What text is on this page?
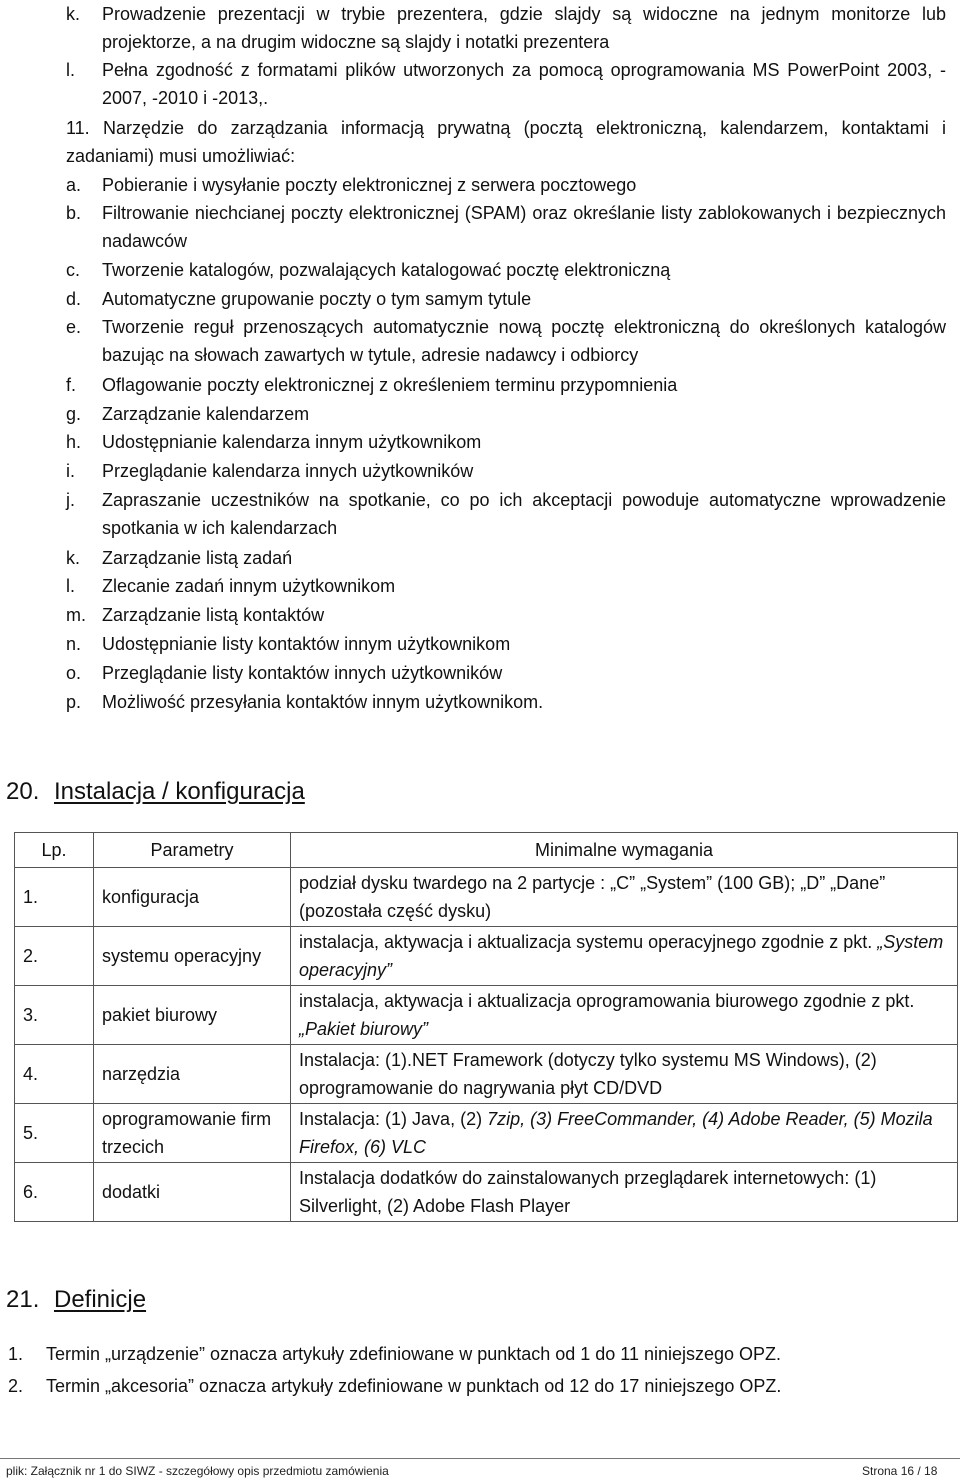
k.	Prowadzenie prezentacji w trybie prezentera, gdzie slajdy są widoczne na jednym monitorze lub projektorze, a na drugim widoczne są slajdy i notatki prezentera
l.	Pełna zgodność z formatami plików utworzonych za pomocą oprogramowania MS PowerPoint 2003, - 2007, -2010 i -2013,.
11. Narzędzie do zarządzania informacją prywatną (pocztą elektroniczną, kalendarzem, kontaktami i zadaniami) musi umożliwiać:
a.	Pobieranie i wysyłanie poczty elektronicznej z serwera pocztowego
b.	Filtrowanie niechcianej poczty elektronicznej (SPAM) oraz określanie listy zablokowanych i bezpiecznych nadawców
c.	Tworzenie katalogów, pozwalających katalogować pocztę elektroniczną
d.	Automatyczne grupowanie poczty o tym samym tytule
e.	Tworzenie reguł przenoszących automatycznie nową pocztę elektroniczną do określonych katalogów bazując na słowach zawartych w tytule, adresie nadawcy i odbiorcy
f.	Oflagowanie poczty elektronicznej z określeniem terminu przypomnienia
g.	Zarządzanie kalendarzem
h.	Udostępnianie kalendarza innym użytkownikom
i.	Przeglądanie kalendarza innych użytkowników
j.	Zapraszanie uczestników na spotkanie, co po ich akceptacji powoduje automatyczne wprowadzenie spotkania w ich kalendarzach
k.	Zarządzanie listą zadań
l.	Zlecanie zadań innym użytkownikom
m. Zarządzanie listą kontaktów
n.	Udostępnianie listy kontaktów innym użytkownikom
o.	Przeglądanie listy kontaktów innych użytkowników
p.	Możliwość przesyłania kontaktów innym użytkownikom.
20. Instalacja / konfiguracja
Lp.	Parametry	Minimalne wymagania
1.	konfiguracja	podział dysku twardego na 2 partycje : „C” „System” (100 GB); „D” „Dane” (pozostała część dysku)
2.	systemu operacyjny	instalacja, aktywacja i aktualizacja systemu operacyjnego zgodnie z pkt. „System operacyjny”
3.	pakiet biurowy	instalacja, aktywacja i aktualizacja oprogramowania biurowego zgodnie z pkt. „Pakiet biurowy”
4.	narzędzia	Instalacja: (1).NET Framework (dotyczy tylko systemu MS Windows), (2) oprogramowanie do nagrywania płyt CD/DVD
5.	oprogramowanie firm trzecich	Instalacja: (1) Java, (2) 7zip, (3) FreeCommander, (4) Adobe Reader, (5) Mozila Firefox, (6) VLC
6.	dodatki	Instalacja dodatków do zainstalowanych przeglądarek internetowych: (1) Silverlight, (2) Adobe Flash Player
21. Definicje
1.	Termin „urządzenie” oznacza artykuły zdefiniowane w punktach od 1 do 11 niniejszego OPZ.
2.	Termin „akcesoria” oznacza artykuły zdefiniowane w punktach od 12 do 17 niniejszego OPZ.
plik: Załącznik nr 1 do SIWZ - szczegółowy opis przedmiotu zamówienia	Strona 16 / 18
